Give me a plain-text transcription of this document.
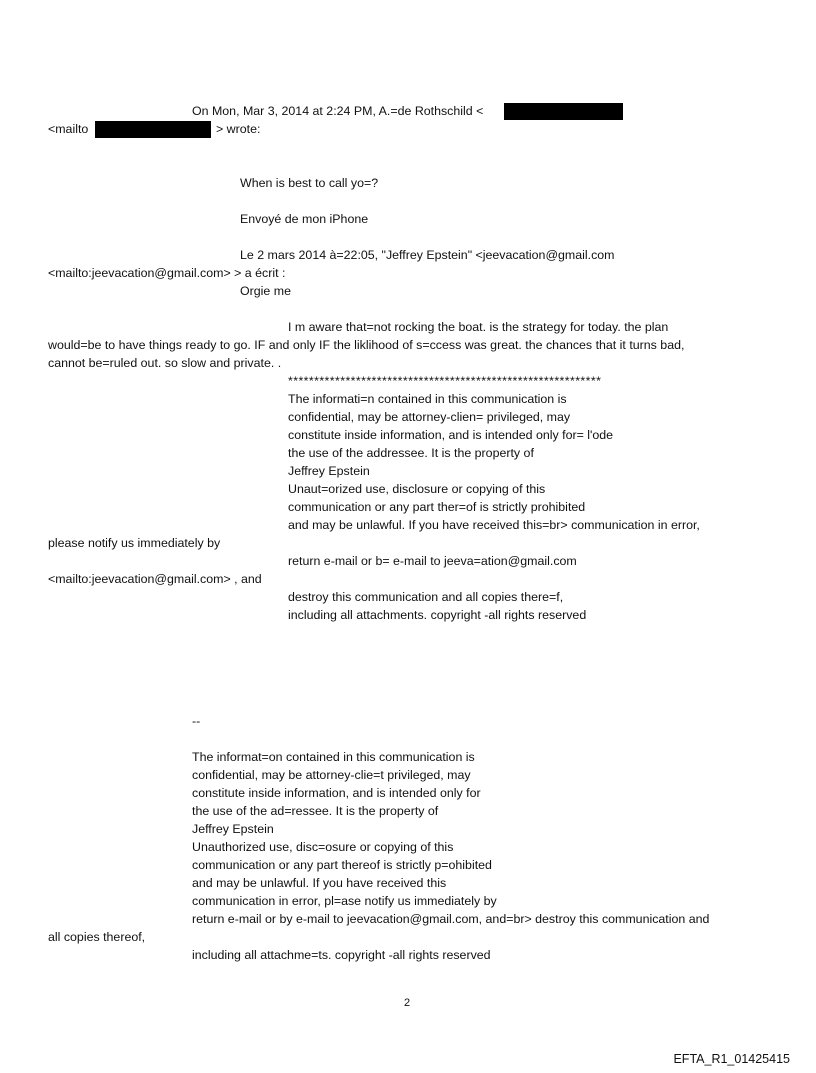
On Mon, Mar 3, 2014 at 2:24 PM, A.=de Rothschild <
<mailto	> wrote:
When is best to call yo=?
Envoyé de mon iPhone
Le 2 mars 2014 à=22:05, "Jeffrey Epstein" <jeevacation@gmail.com
<mailto:jeevacation@gmail.com> > a écrit :
Orgie me
I m aware that=not rocking the boat. is the strategy for today. the plan
would=be to have things ready to go. IF and only IF the liklihood of s=ccess was great. the chances that it turns bad,
cannot be=ruled out. so slow and private. .
************************************************************
The informati=n contained in this communication is
confidential, may be attorney-clien= privileged, may
constitute inside information, and is intended only for= l'ode
the use of the addressee. It is the property of
Jeffrey Epstein
Unaut=orized use, disclosure or copying of this
communication or any part ther=of is strictly prohibited
and may be unlawful. If you have received this=br> communication in error,
please notify us immediately by
return e-mail or b= e-mail to jeeva=ation@gmail.com
<mailto:jeevacation@gmail.com> , and
destroy this communication and all copies there=f,
including all attachments. copyright -all rights reserved
--
The informat=on contained in this communication is
confidential, may be attorney-clie=t privileged, may
constitute inside information, and is intended only for
the use of the ad=ressee. It is the property of
Jeffrey Epstein
Unauthorized use, disc=osure or copying of this
communication or any part thereof is strictly p=ohibited
and may be unlawful. If you have received this
communication in error, pl=ase notify us immediately by
return e-mail or by e-mail to jeevacation@gmail.com, and=br> destroy this communication and
all copies thereof,
including all attachme=ts. copyright -all rights reserved
2
EFTA_R1_01425415
